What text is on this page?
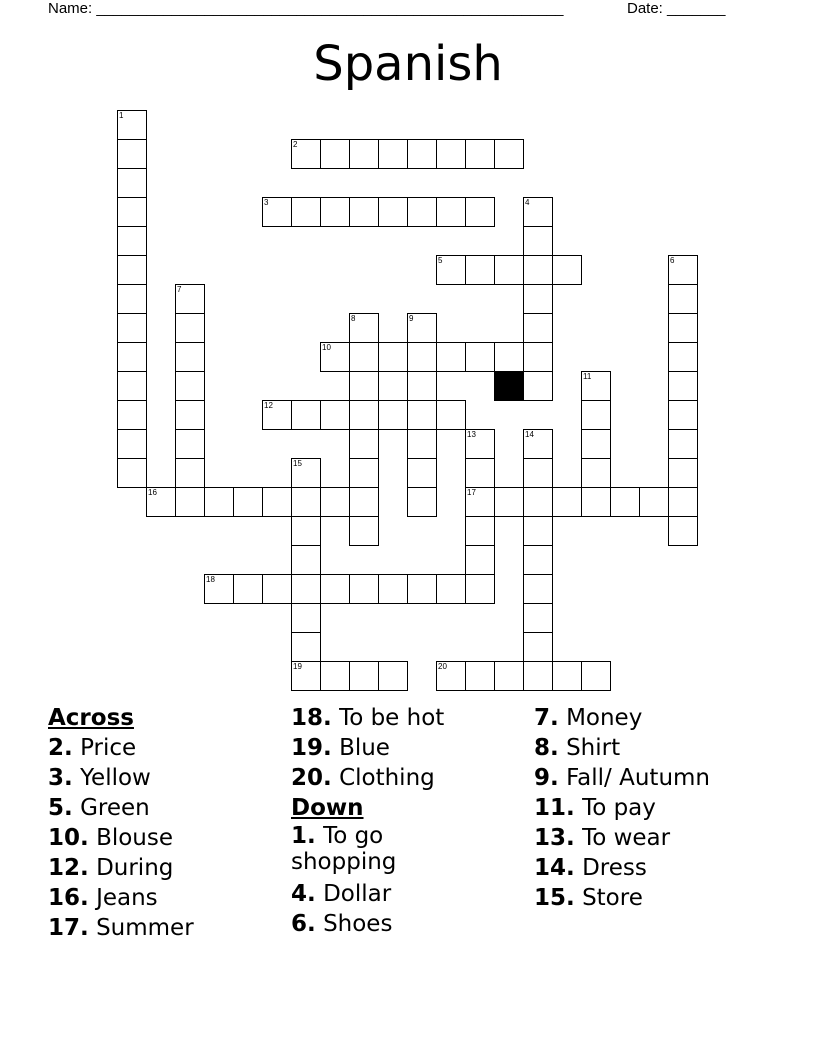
Name: ________________________________________________________	Date: _______
Spanish
1
2
3	4
5	6
7
8	9
10
11
12
13
17
14
15
19
16
18
20
Across
2. Price
3. Yellow
5. Green
10. Blouse
12. During
16. Jeans
17. Summer
18. To be hot
19. Blue
20. Clothing
Down
1. To go shopping
4. Dollar
6. Shoes
7. Money
8. Shirt
9. Fall/ Autumn
11. To pay
13. To wear
14. Dress
15. Store
